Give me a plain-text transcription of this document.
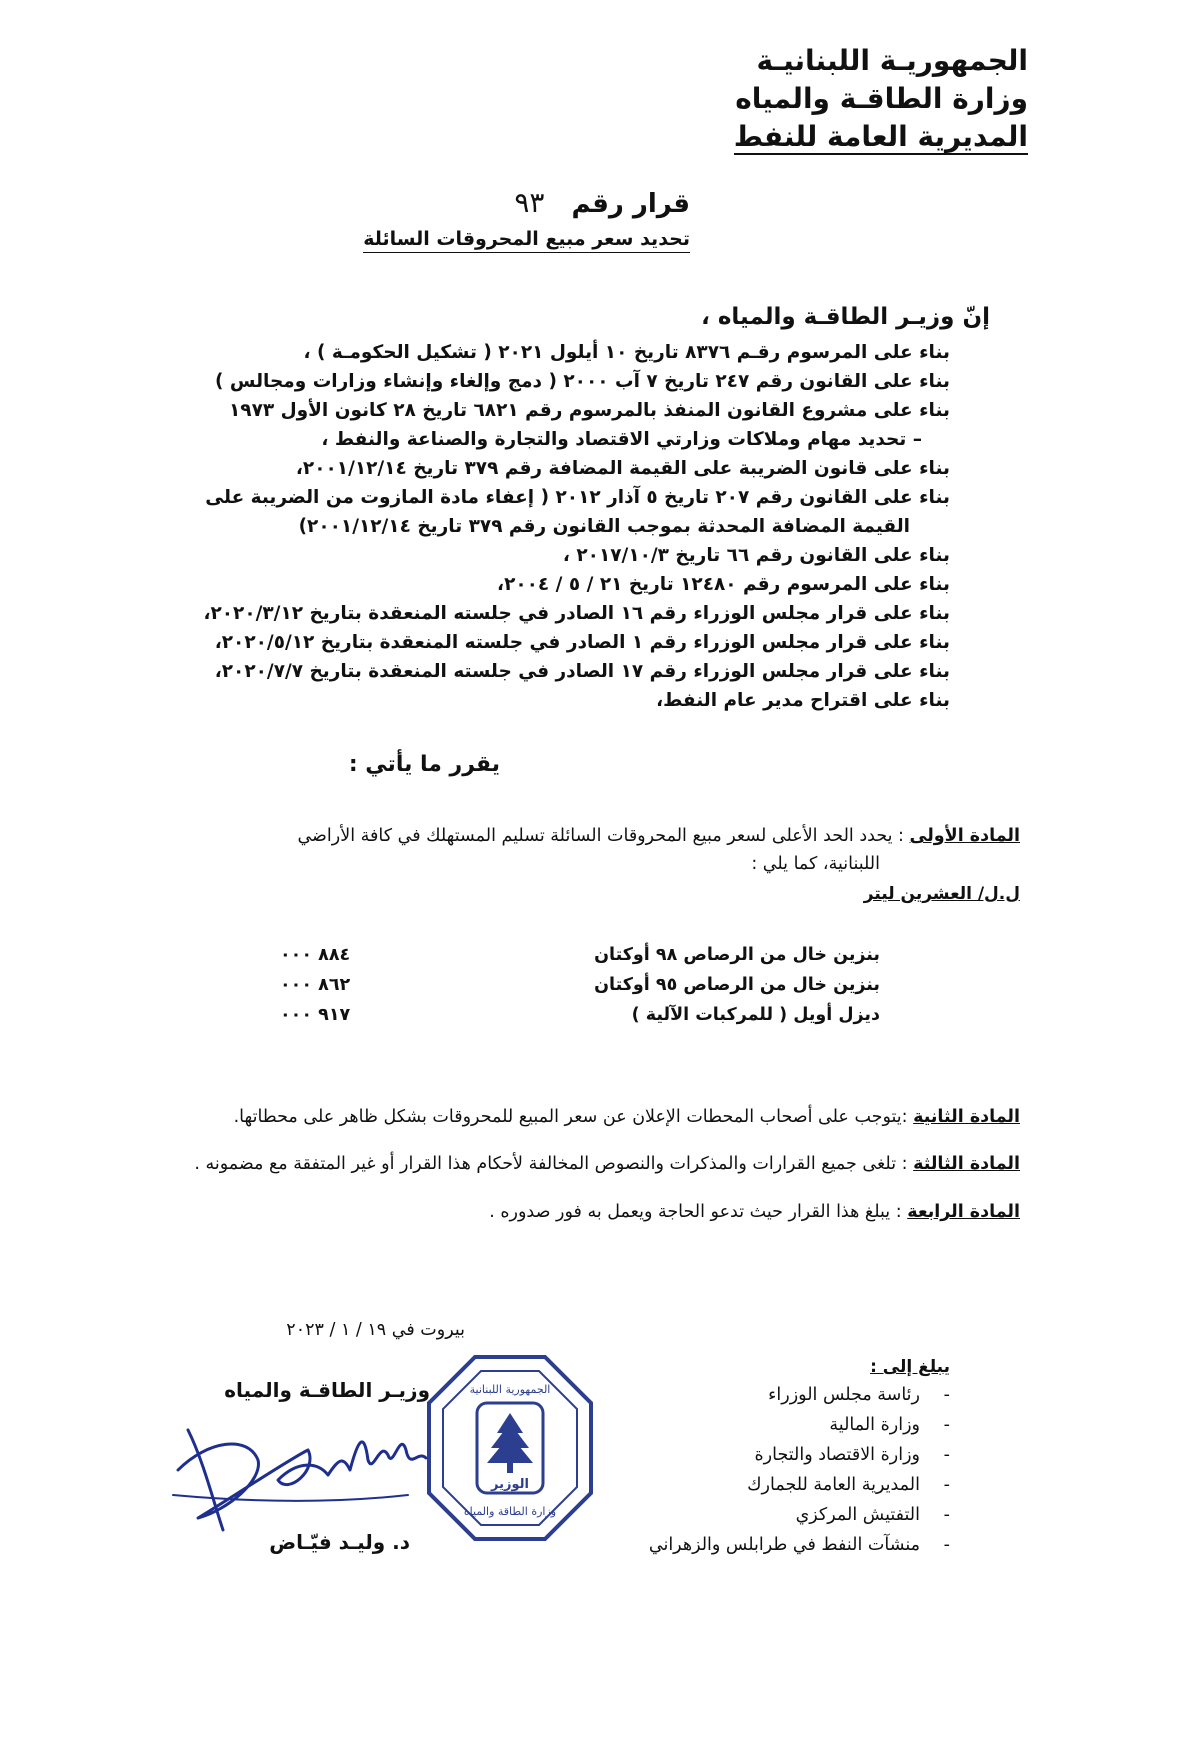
الجمهوريـة اللبنانيـة
وزارة الطاقـة والمياه
المديرية العامة للنفط
قرار رقم ٩٣
تحديد سعر مبيع المحروقات السائلة
إنّ وزيـر الطاقـة والمياه ،
بناء على المرسوم رقـم ٨٣٧٦ تاريخ ١٠ أيلول ٢٠٢١ ( تشكيل الحكومـة ) ،
بناء على القانون رقم ٢٤٧ تاريخ ٧ آب ٢٠٠٠ ( دمج وإلغاء وإنشاء وزارات ومجالس )
بناء على مشروع القانون المنفذ بالمرسوم رقم ٦٨٢١ تاريخ ٢٨ كانون الأول ١٩٧٣
– تحديد مهام وملاكات وزارتي الاقتصاد والتجارة والصناعة والنفط ،
بناء على قانون الضريبة على القيمة المضافة رقم ٣٧٩ تاريخ ٢٠٠١/١٢/١٤،
بناء على القانون رقم ٢٠٧ تاريخ ٥ آذار ٢٠١٢ ( إعفاء مادة المازوت من الضريبة على
القيمة المضافة المحدثة بموجب القانون رقم ٣٧٩ تاريخ ٢٠٠١/١٢/١٤)
بناء على القانون رقم ٦٦ تاريخ ٢٠١٧/١٠/٣ ،
بناء على المرسوم رقم ١٢٤٨٠ تاريخ ٢١ / ٥ / ٢٠٠٤،
بناء على قرار مجلس الوزراء رقم ١٦ الصادر في جلسته المنعقدة بتاريخ ٢٠٢٠/٣/١٢،
بناء على قرار مجلس الوزراء رقم ١ الصادر في جلسته المنعقدة بتاريخ ٢٠٢٠/٥/١٢،
بناء على قرار مجلس الوزراء رقم ١٧ الصادر في جلسته المنعقدة بتاريخ ٢٠٢٠/٧/٧،
بناء على اقتراح مدير عام النفط،
يقرر ما يأتي :
المادة الأولى : يحدد الحد الأعلى لسعر مبيع المحروقات السائلة تسليم المستهلك في كافة الأراضي
اللبنانية، كما يلي :
ل.ل/ العشرين ليتر
بنزين خال من الرصاص ٩٨ أوكتان	٨٨٤ ٠٠٠
بنزين خال من الرصاص ٩٥ أوكتان	٨٦٢ ٠٠٠
ديزل أويل ( للمركبات الآلية )	٩١٧ ٠٠٠
المادة الثانية :يتوجب على أصحاب المحطات الإعلان عن سعر المبيع للمحروقات بشكل ظاهر على محطاتها.
المادة الثالثة : تلغى جميع القرارات والمذكرات والنصوص المخالفة لأحكام هذا القرار أو غير المتفقة مع مضمونه .
المادة الرابعة : يبلغ هذا القرار حيث تدعو الحاجة ويعمل به فور صدوره .
بيروت في ١٩ / ١ / ٢٠٢٣
يبلغ إلى :
-رئاسة مجلس الوزراء
-وزارة المالية
-وزارة الاقتصاد والتجارة
-المديرية العامة للجمارك
-التفتيش المركزي
-منشآت النفط في طرابلس والزهراني
وزيـر الطاقـة والمياه
د. وليـد فيّـاض
الوزير
الجمهورية اللبنانية
وزارة الطاقة والمياه
